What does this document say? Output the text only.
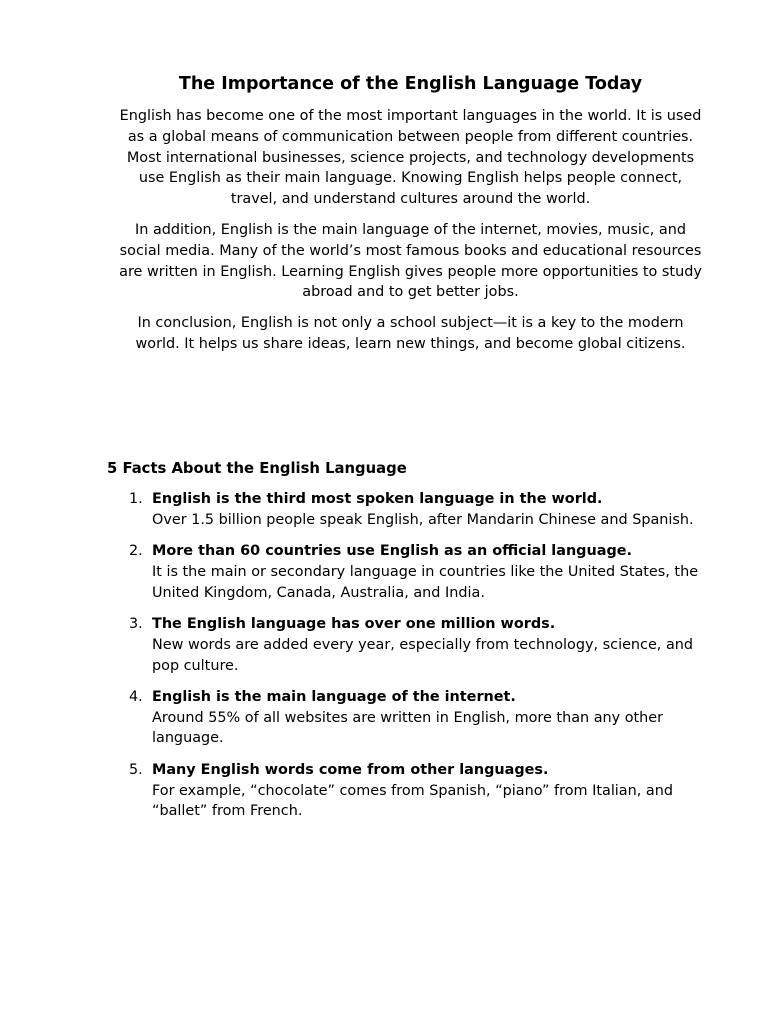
The Importance of the English Language Today

English has become one of the most important languages in the world. It is used as a global means of communication between people from different countries. Most international businesses, science projects, and technology developments use English as their main language. Knowing English helps people connect, travel, and understand cultures around the world.

In addition, English is the main language of the internet, movies, music, and social media. Many of the world’s most famous books and educational resources are written in English. Learning English gives people more opportunities to study abroad and to get better jobs.

In conclusion, English is not only a school subject—it is a key to the modern world. It helps us share ideas, learn new things, and become global citizens.

5 Facts About the English Language
1. English is the third most spoken language in the world.
Over 1.5 billion people speak English, after Mandarin Chinese and Spanish.
2. More than 60 countries use English as an official language.
It is the main or secondary language in countries like the United States, the United Kingdom, Canada, Australia, and India.
3. The English language has over one million words.
New words are added every year, especially from technology, science, and pop culture.
4. English is the main language of the internet.
Around 55% of all websites are written in English, more than any other language.
5. Many English words come from other languages.
For example, “chocolate” comes from Spanish, “piano” from Italian, and “ballet” from French.
